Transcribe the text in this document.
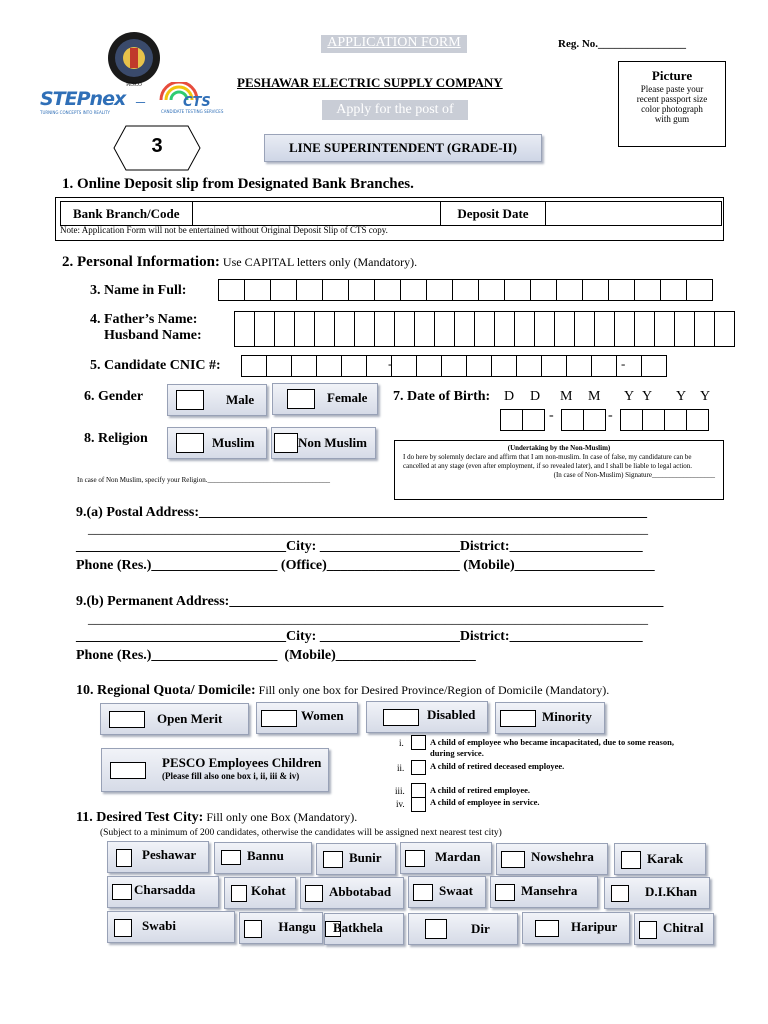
PESCO
STEPnex
TURNING CONCEPTS INTO REALITY
–	CTS
CANDIDATE TESTING SERVICES
3
APPLICATION FORM	Reg. No.________________
PESHAWAR ELECTRIC SUPPLY COMPANY
Apply for the post of
LINE SUPERINTENDENT (GRADE-II)
Picture
Please paste your
recent passport size
color photograph
with gum
1. Online Deposit slip from Designated Bank Branches.
Bank Branch/Code	Deposit Date
Note: Application Form will not be entertained without Original Deposit Slip of CTS copy.
2. Personal Information: Use CAPITAL letters only (Mandatory).
3. Name in Full:
4. Father’s Name:
Husband Name:
5. Candidate CNIC #:	-	-
6. Gender	Male	Female 7. Date of Birth: D D M M Y Y Y Y
-	-
8. Religion	Muslim	Non Muslim
In case of Non Muslim, specify your Religion.___________________________________
(Undertaking by the Non-Muslim)
I do here by solemnly declare and affirm that I am non-muslim. In case of false, my candidature can be cancelled at any stage (even after employment, if so revealed later), and I shall be liable to legal action.
(In case of Non-Muslim) Signature__________________
9.(a) Postal Address:________________________________________________________________
________________________________________________________________________________
______________________________City: ____________________District:___________________
Phone (Res.)__________________ (Office)___________________ (Mobile)____________________
9.(b) Permanent Address:______________________________________________________________
________________________________________________________________________________
______________________________City: ____________________District:___________________
Phone (Res.)__________________  (Mobile)____________________
10. Regional Quota/ Domicile: Fill only one box for Desired Province/Region of Domicile (Mandatory).
Open Merit	Women	Disabled	Minority
PESCO Employees Children
(Please fill also one box i, ii, iii & iv)
i.	A child of employee who became incapacitated, due to some reason, during service.
ii.	A child of retired deceased employee.
iii.	A child of retired employee.
iv.	A child of employee in service.
11. Desired Test City: Fill only one Box (Mandatory).
(Subject to a minimum of 200 candidates, otherwise the candidates will be assigned next nearest test city)
Peshawar	Bannu	Bunir	Mardan	Nowshehra	Karak
Charsadda	Kohat	Abbotabad	Swaat	Mansehra	D.I.Khan
Swabi	Hangu Batkhela	Dir	Haripur	Chitral
